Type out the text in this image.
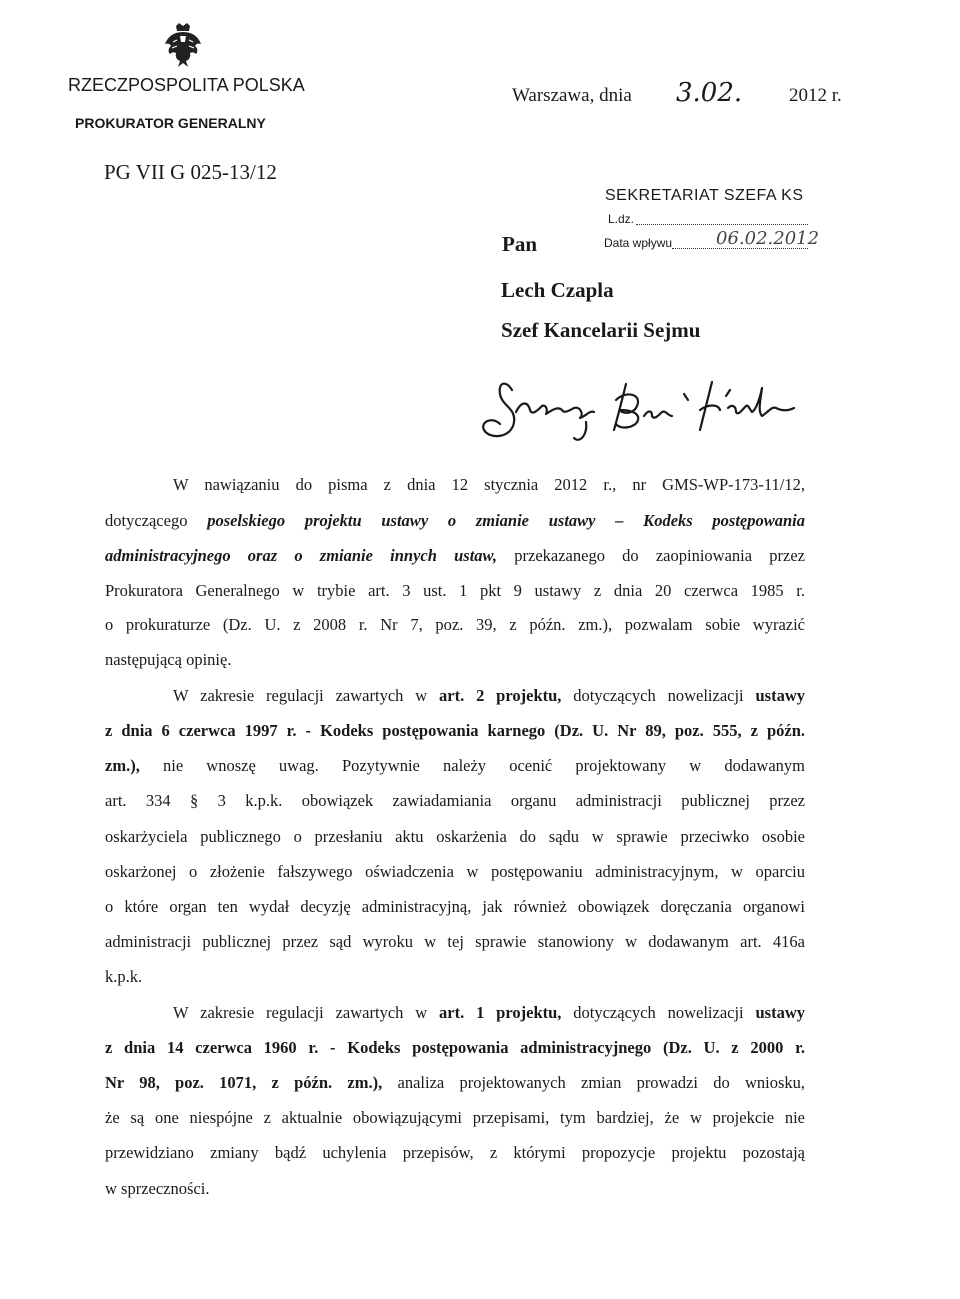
RZECZPOSPOLITA POLSKA
PROKURATOR GENERALNY
Warszawa, dnia 3.02. 2012 r.
PG VII G 025-13/12
SEKRETARIAT SZEFA KS
L.dz.
Data wpływu 06.02.2012
Pan
Lech Czapla
Szef Kancelarii Sejmu
W nawiązaniu do pisma z dnia 12 stycznia 2012 r., nr GMS-WP-173-11/12,
dotyczącego poselskiego projektu ustawy o zmianie ustawy – Kodeks postępowania
administracyjnego oraz o zmianie innych ustaw, przekazanego do zaopiniowania przez
Prokuratora Generalnego w trybie art. 3 ust. 1 pkt 9 ustawy z dnia 20 czerwca 1985 r.
o prokuraturze (Dz. U. z 2008 r. Nr 7, poz. 39, z późn. zm.), pozwalam sobie wyrazić
następującą opinię.
W zakresie regulacji zawartych w art. 2 projektu, dotyczących nowelizacji ustawy
z dnia 6 czerwca 1997 r. - Kodeks postępowania karnego (Dz. U. Nr 89, poz. 555, z późn.
zm.), nie wnoszę uwag. Pozytywnie należy ocenić projektowany w dodawanym
art. 334 § 3 k.p.k. obowiązek zawiadamiania organu administracji publicznej przez
oskarżyciela publicznego o przesłaniu aktu oskarżenia do sądu w sprawie przeciwko osobie
oskarżonej o złożenie fałszywego oświadczenia w postępowaniu administracyjnym, w oparciu
o które organ ten wydał decyzję administracyjną, jak również obowiązek doręczania organowi
administracji publicznej przez sąd wyroku w tej sprawie stanowiony w dodawanym art. 416a
k.p.k.
W zakresie regulacji zawartych w art. 1 projektu, dotyczących nowelizacji ustawy
z dnia 14 czerwca 1960 r. - Kodeks postępowania administracyjnego (Dz. U. z 2000 r.
Nr 98, poz. 1071, z późn. zm.), analiza projektowanych zmian prowadzi do wniosku,
że są one niespójne z aktualnie obowiązującymi przepisami, tym bardziej, że w projekcie nie
przewidziano zmiany bądź uchylenia przepisów, z którymi propozycje projektu pozostają
w sprzeczności.
